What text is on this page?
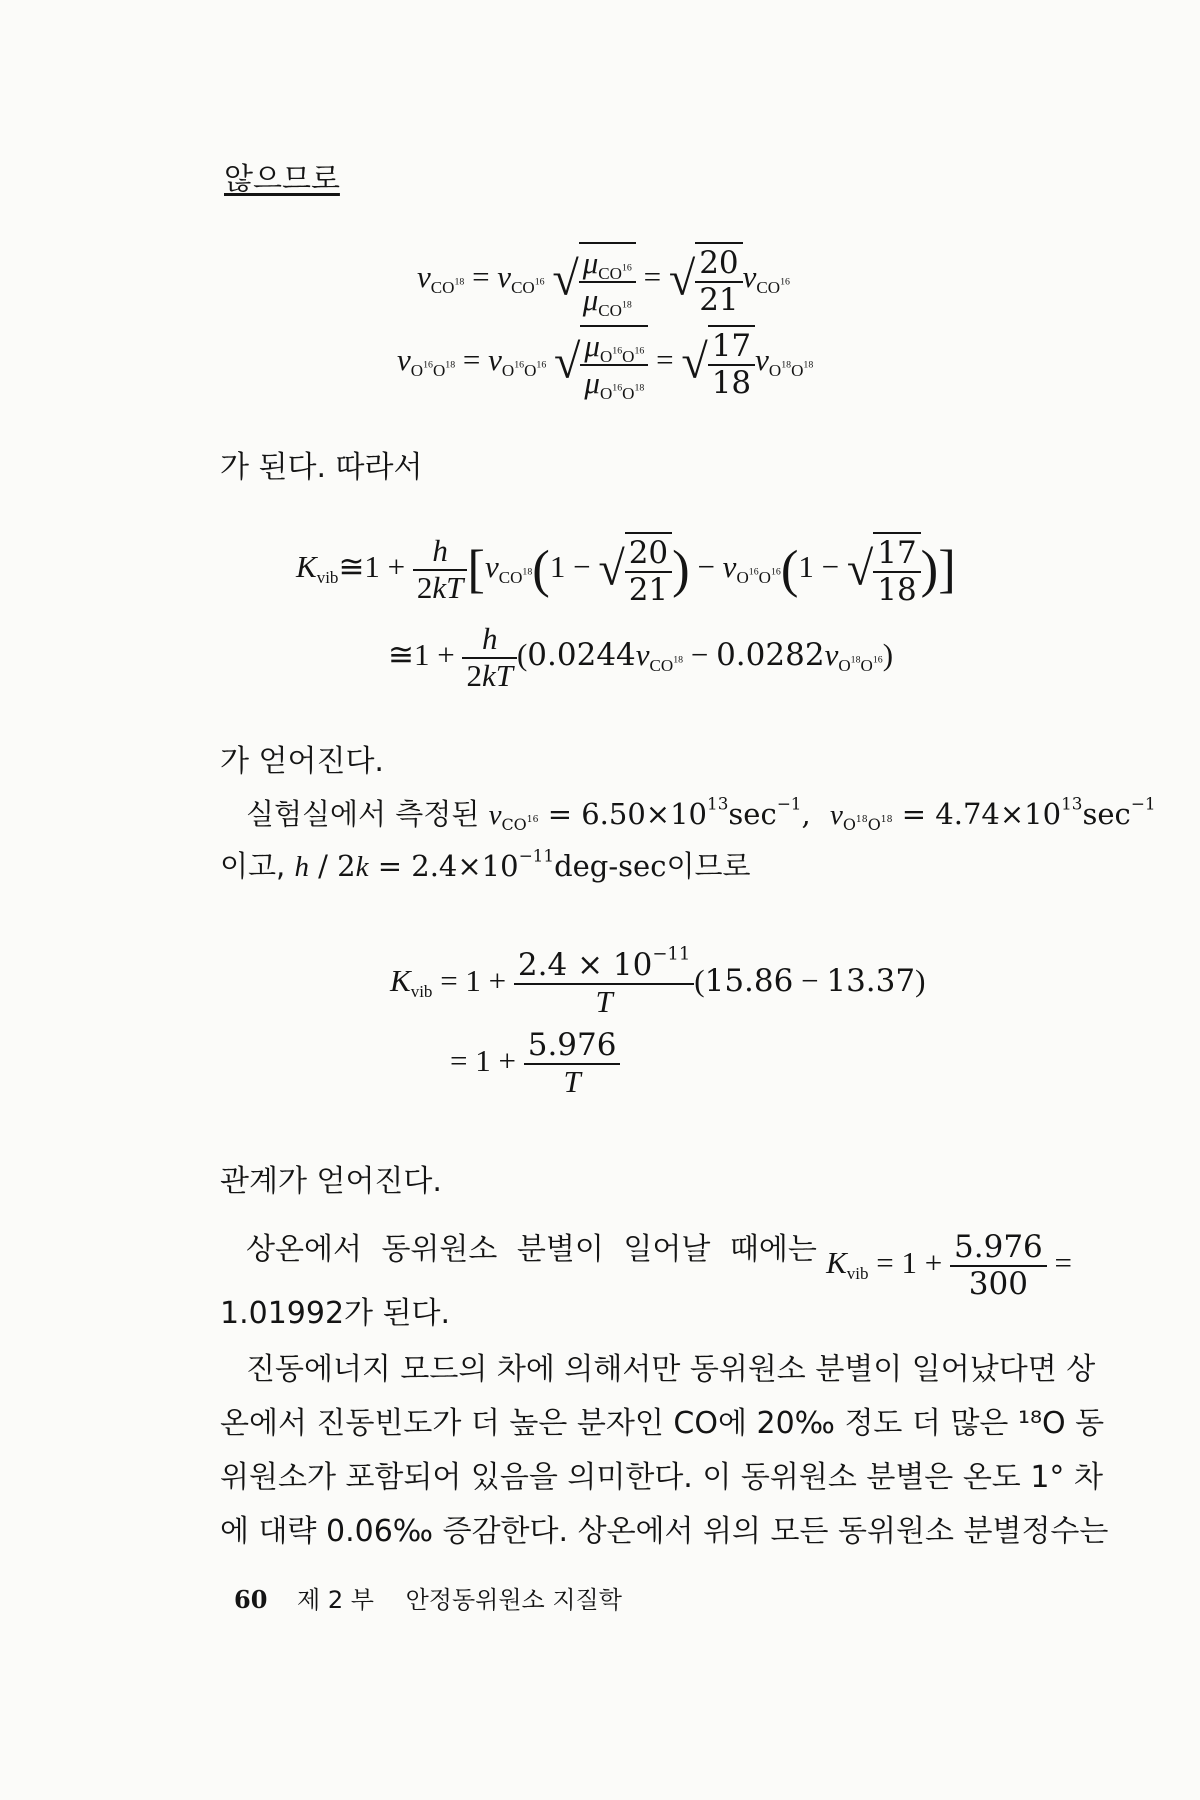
않으므로
$\nu_{CO^{18}} = \nu_{CO^{16}}$ √ $\frac{\mu_{CO^{16}}}{\mu_{CO^{18}}}$ = √ $\frac{20}{21} \nu_{CO^{16}}$
$\nu_{O^{16}O^{18}} = \nu_{O^{16}O^{16}}$ √ $\frac{\mu_{O^{16}O^{16}}}{\mu_{O^{16}O^{18}}}$ = √ $\frac{17}{18} \nu_{O^{18}O^{18}}$
가 된다. 따라서
$K_{vib}≅1 + \frac{h}{2kT} [\nu_{CO^{18}}(1$ − √ $\frac{20}{21}$ ) − $\nu_{O^{16}O^{16}}(1$ − √ $\frac{17}{18}$ )]
≅1 + $\frac{h}{2kT} (0.0244\nu_{CO^{18}} - 0.0282\nu_{O^{18}O^{16}})$
가 얻어진다.
실험실에서 측정된 $\nu_{CO^{16}} = 6.50\times 10^{13}\sec^{-1}$, $\nu_{O^{18}O^{18}} = 4.74\times 10^{13}\sec^{-1}$
이고, $h / 2k = 2.4\times 10^{-11}deg-\sec$이므로
$K_{vib} = 1 + \frac{2.4 \times 10^{-11}}{T} (15.86 - 13.37)$
= $1 + \frac{5.976}{T}$
관계가 얻어진다.
상온에서 동위원소 분별이 일어날 때에는 $K_{vib} = 1 + \frac{5.976}{300}$ =
1.01992가 된다.
진동에너지 모드의 차에 의해서만 동위원소 분별이 일어났다면 상
온에서 진동빈도가 더 높은 분자인 CO에 20‰ 정도 더 많은 ¹⁸O 동
위원소가 포함되어 있음을 의미한다. 이 동위원소 분별은 온도 1° 차
에 대략 0.06‰ 증감한다. 상온에서 위의 모든 동위원소 분별정수는
60 제 2 부 안정동위원소 지질학
